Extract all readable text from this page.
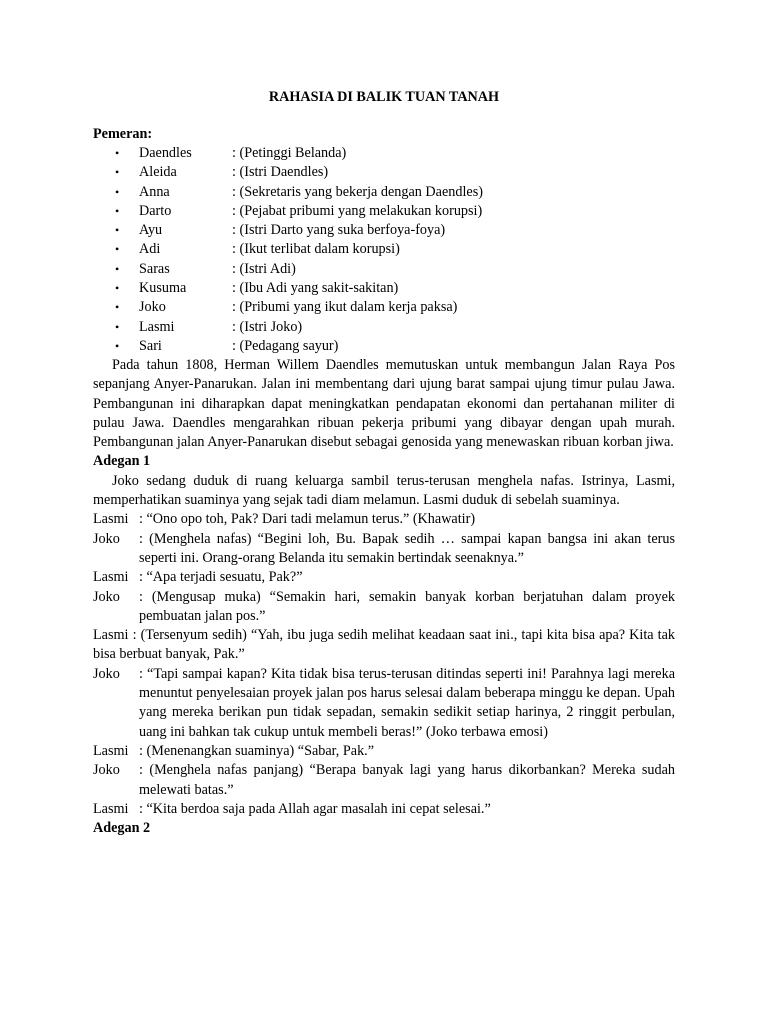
RAHASIA DI BALIK TUAN TANAH
Pemeran:
• Daendles	: (Petinggi Belanda)
• Aleida	: (Istri Daendles)
• Anna	: (Sekretaris yang bekerja dengan Daendles)
• Darto	: (Pejabat pribumi yang melakukan korupsi)
• Ayu	: (Istri Darto yang suka berfoya-foya)
• Adi	: (Ikut terlibat dalam korupsi)
• Saras	: (Istri Adi)
• Kusuma	: (Ibu Adi yang sakit-sakitan)
• Joko	: (Pribumi yang ikut dalam kerja paksa)
• Lasmi	: (Istri Joko)
• Sari	: (Pedagang sayur)

Pada tahun 1808, Herman Willem Daendles memutuskan untuk membangun Jalan Raya Pos sepanjang Anyer-Panarukan. Jalan ini membentang dari ujung barat sampai ujung timur pulau Jawa. Pembangunan ini diharapkan dapat meningkatkan pendapatan ekonomi dan pertahanan militer di pulau Jawa. Daendles mengarahkan ribuan pekerja pribumi yang dibayar dengan upah murah. Pembangunan jalan Anyer-Panarukan disebut sebagai genosida yang menewaskan ribuan korban jiwa.

Adegan 1

Joko sedang duduk di ruang keluarga sambil terus-terusan menghela nafas. Istrinya, Lasmi, memperhatikan suaminya yang sejak tadi diam melamun. Lasmi duduk di sebelah suaminya.

Lasmi : “Ono opo toh, Pak? Dari tadi melamun terus.” (Khawatir)
Joko	: (Menghela nafas) “Begini loh, Bu. Bapak sedih … sampai kapan bangsa ini akan terus seperti ini. Orang-orang Belanda itu semakin bertindak seenaknya.”
Lasmi : “Apa terjadi sesuatu, Pak?”
Joko	: (Mengusap muka) “Semakin hari, semakin banyak korban berjatuhan dalam proyek pembuatan jalan pos.”
Lasmi : (Tersenyum sedih) “Yah, ibu juga sedih melihat keadaan saat ini., tapi kita bisa apa? Kita tak bisa berbuat banyak, Pak.”
Joko	: “Tapi sampai kapan? Kita tidak bisa terus-terusan ditindas seperti ini! Parahnya lagi mereka menuntut penyelesaian proyek jalan pos harus selesai dalam beberapa minggu ke depan. Upah yang mereka berikan pun tidak sepadan, semakin sedikit setiap harinya, 2 ringgit perbulan, uang ini bahkan tak cukup untuk membeli beras!” (Joko terbawa emosi)
Lasmi : (Menenangkan suaminya) “Sabar, Pak.”
Joko	: (Menghela nafas panjang) “Berapa banyak lagi yang harus dikorbankan? Mereka sudah melewati batas.”
Lasmi : “Kita berdoa saja pada Allah agar masalah ini cepat selesai.”

Adegan 2
